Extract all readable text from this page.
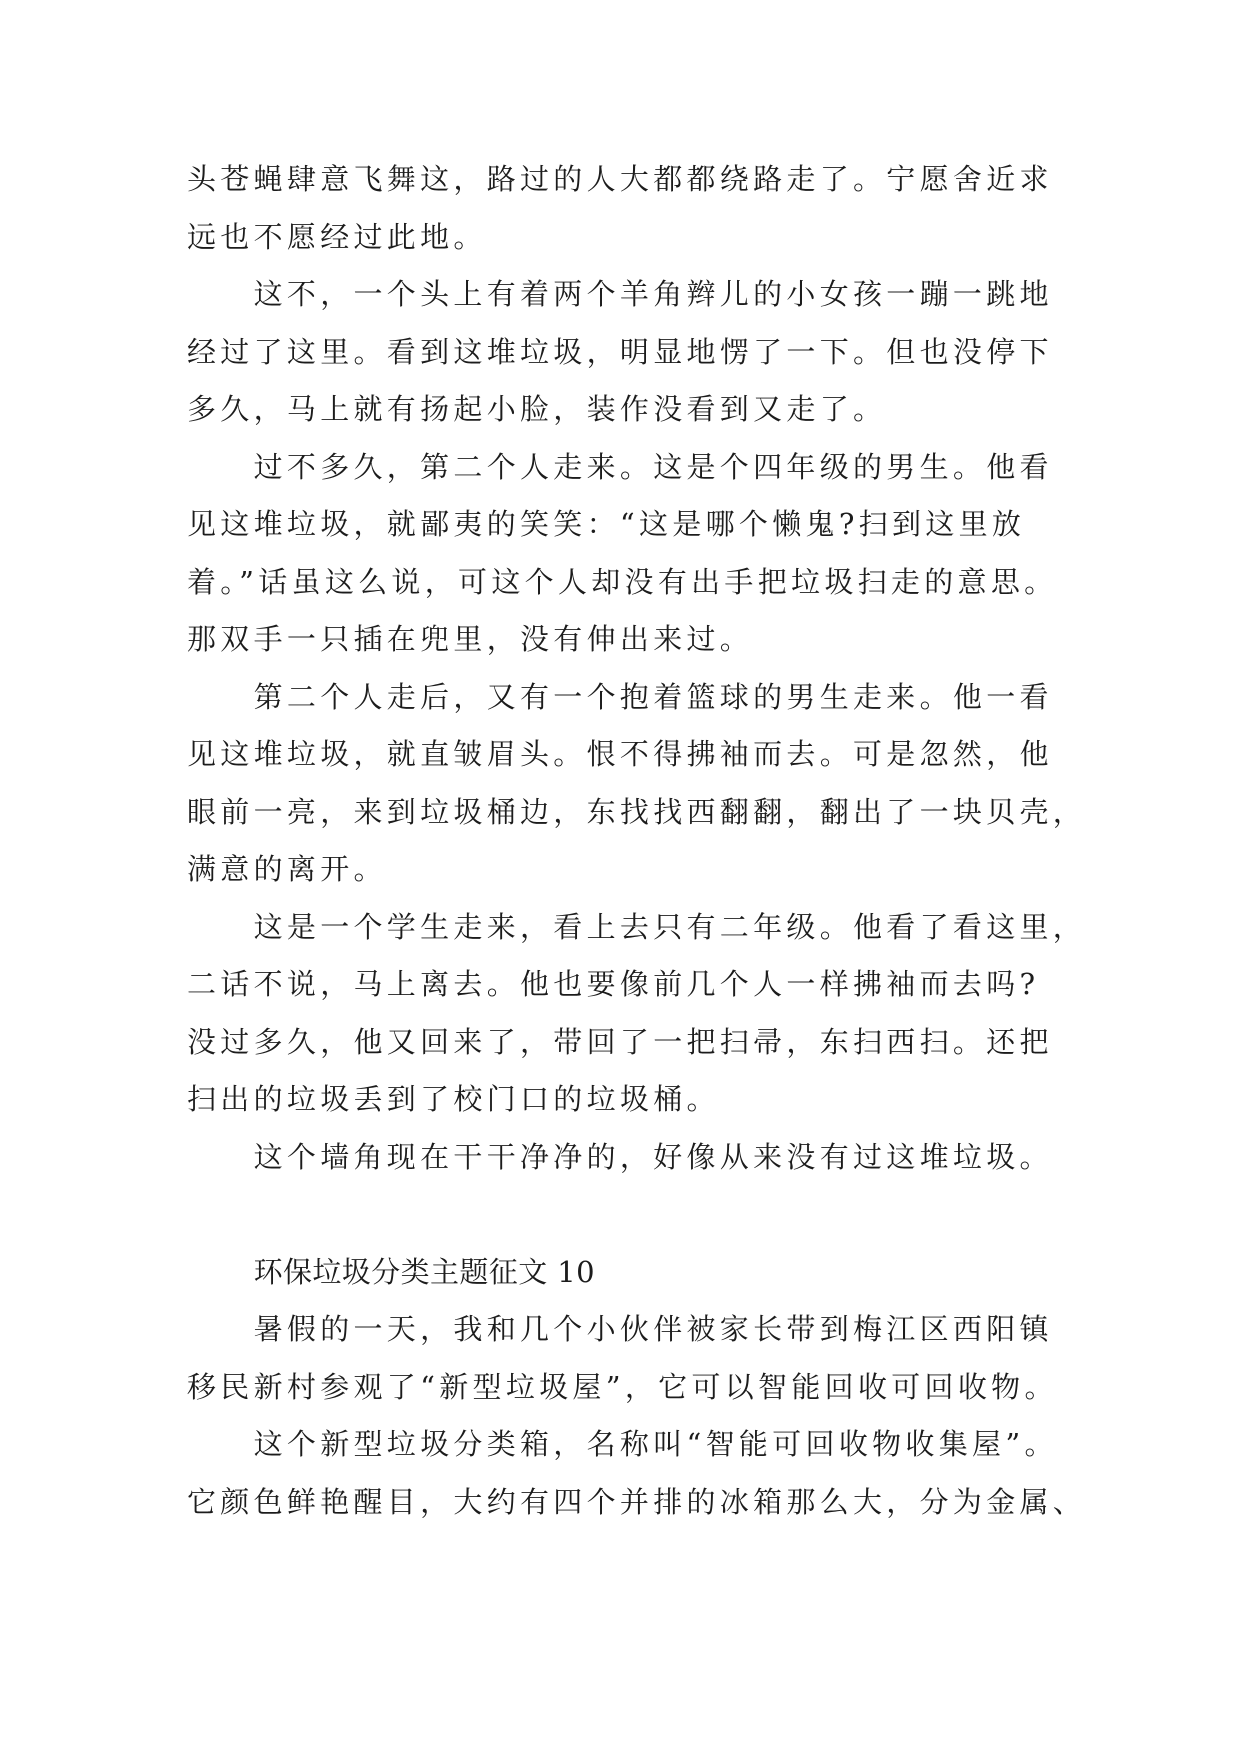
头苍蝇肆意飞舞这，路过的人大都都绕路走了。宁愿舍近求
远也不愿经过此地。
这不，一个头上有着两个羊角辫儿的小女孩一蹦一跳地
经过了这里。看到这堆垃圾，明显地愣了一下。但也没停下
多久，马上就有扬起小脸，装作没看到又走了。
过不多久，第二个人走来。这是个四年级的男生。他看
见这堆垃圾，就鄙夷的笑笑：“这是哪个懒鬼?扫到这里放
着。”话虽这么说，可这个人却没有出手把垃圾扫走的意思。
那双手一只插在兜里，没有伸出来过。
第二个人走后，又有一个抱着篮球的男生走来。他一看
见这堆垃圾，就直皱眉头。恨不得拂袖而去。可是忽然，他
眼前一亮，来到垃圾桶边，东找找西翻翻，翻出了一块贝壳，
满意的离开。
这是一个学生走来，看上去只有二年级。他看了看这里，
二话不说，马上离去。他也要像前几个人一样拂袖而去吗?
没过多久，他又回来了，带回了一把扫帚，东扫西扫。还把
扫出的垃圾丢到了校门口的垃圾桶。
这个墙角现在干干净净的，好像从来没有过这堆垃圾。
环保垃圾分类主题征文 10
暑假的一天，我和几个小伙伴被家长带到梅江区西阳镇
移民新村参观了“新型垃圾屋”，它可以智能回收可回收物。
这个新型垃圾分类箱，名称叫“智能可回收物收集屋”。
它颜色鲜艳醒目，大约有四个并排的冰箱那么大，分为金属、
